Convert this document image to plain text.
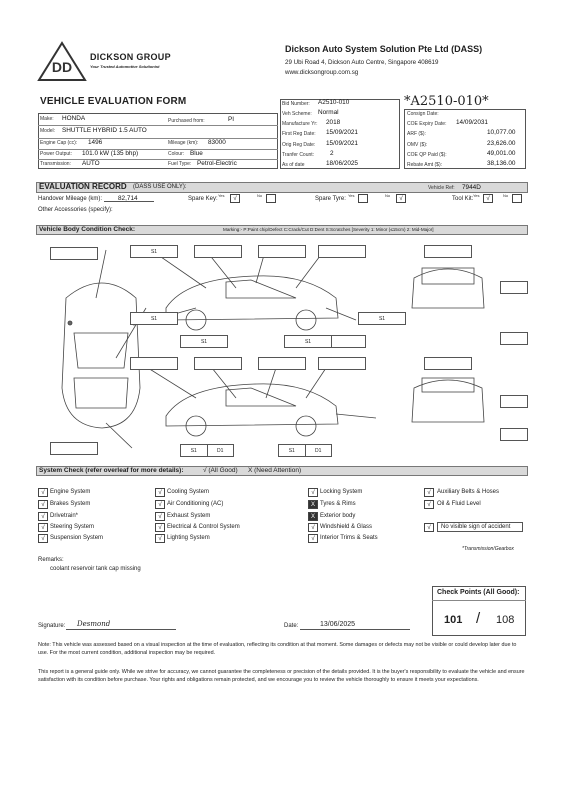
DD
DICKSON GROUP
Your Trusted Automotive Solutionist
Dickson Auto System Solution Pte Ltd (DASS)
29 Ubi Road 4, Dickson Auto Centre, Singapore 408619
www.dicksongroup.com.sg
VEHICLE EVALUATION FORM	*A2510-010*
Make: HONDA	Purchased from:	PI
Model: SHUTTLE HYBRID 1.5 AUTO
Engine Cap (cc): 1496	Mileage (km): 83000
Power Output: 101.0 kW (135 bhp)	Colour: Blue
Transmission: AUTO	Fuel Type: Petrol-Electric
Bid Number: A2510-010
Veh Scheme: Normal
Manufacture Yr: 2018
First Reg Date: 15/09/2021
Orig Reg Date: 15/09/2021
Tranfer Count: 2
As of date	18/06/2025
Consign Date:
COE Expiry Date: 14/09/2031
ARF ($):	10,077.00
OMV ($):	23,626.00
COE QP Paid ($):	49,001.00
Rebate Amt ($):	38,136.00
EVALUATION RECORD (DASS USE ONLY):	Vehicle Ref: 7944D
Handover Mileage (km): 82,714	Spare Key:
Yes
√
No
Spare Tyre:
Yes	No
√	Tool Kit:
Yes
√
No
Other Accessories (specify):
Vehicle Body Condition Check:	Marking:- P:Paint chip/Defect C:Crack/Cut D:Dent S:Scratches [Severity 1: Minor (≤15cm) 2: Mid-Major]
S1
S1
S1	S1
S1
S1	D1	S1	D1
System Check (refer overleaf for more details):	√ (All Good) X (Need Attention)
√ Engine System
√ Brakes System
√ Drivetrain*
√ Steering System
√ Suspension System
√ Cooling System
√ Air Conditioning (AC)
√ Exhaust System
√ Electrical & Control System
√ Lighting System
√ Locking System
X Tyres & Rims
X Exterior body
√ Windshield & Glass
√ Interior Trims & Seats
√	Auxiliary Belts & Hoses
√	Oil & Fluid Level
√	No visible sign of accident
*Transmission/Gearbox
Remarks:
coolant reservoir tank cap missing
Check Points (All Good):
101 / 108
Signature: Desmond	Date:	13/06/2025
Note: This vehicle was assessed based on a visual inspection at the time of evaluation, reflecting its condition at that moment. Some damages or defects may not be visible or could develop later due to use. For the most current condition, additional inspection may be required.
This report is a general guide only. While we strive for accuracy, we cannot guarantee the completeness or precision of the details provided. It is the buyer's responsibility to evaluate the vehicle and ensure satisfaction with its condition before purchase. Your rights and obligations remain protected, and we encourage you to review the vehicle thoroughly to ensure it meets your expectations.
